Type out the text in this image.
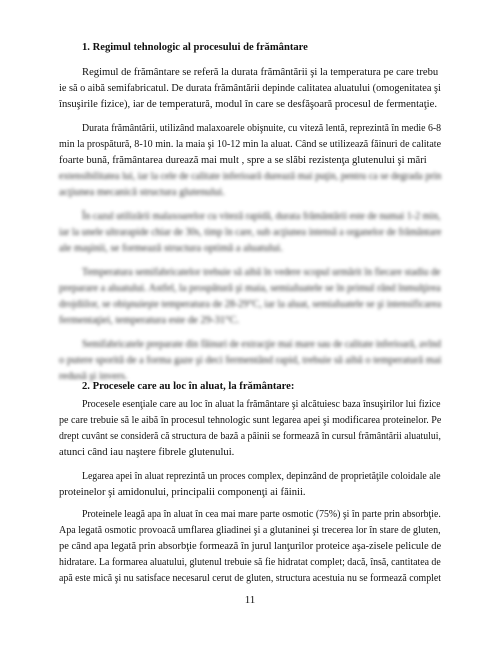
1. Regimul tehnologic al procesului de frământare
Regimul de frământare se referă la durata frământării şi la temperatura pe care trebu
ie să o aibă semifabricatul. De durata frământării depinde calitatea aluatului (omogenitatea şi
însuşirile fizice), iar de temperatură, modul în care se desfăşoară procesul de fermentaţie.
Durata frământării, utilizând malaxoarele obişnuite, cu viteză lentă, reprezintă în medie 6-8
min la prospătură, 8-10 min. la maia şi 10-12 min la aluat. Când se utilizează făinuri de calitate
foarte bună, frământarea durează mai mult , spre a se slăbi rezistenţa glutenului şi mări
extensibilitatea lui, iar la cele de calitate inferioară durează mai puţin, pentru ca se degrada prin
acţiunea mecanică structura glutenului.
În cazul utilizării malaxoarelor cu viteză rapidă, durata frământării este de numai 1-2 min,
iar la unele ultrarapide chiar de 30s, timp în care, sub acţiunea intensă a organelor de frământare
ale maşinii, se formează structura optimă a aluatului.
Temperatura semifabricatelor trebuie să aibă în vedere scopul urmărit în fiecare stadiu de
preparare a aluatului. Astfel, la prospătură şi maia, semiaIuatele se în primul rând înmulţirea
drojdiilor, se obişnuieşte temperatura de 28-29°C, iar la aluat, semiaIuatele se şi intensificarea
fermentaţiei, temperatura este de 29-31°C.
Semifabricatele preparate din făinuri de extracţie mai mare sau de calitate inferioară, avînd
o putere sporită de a forma gaze şi deci fermentând rapid, trebuie să aibă o temperatură mai
redusă şi invers.
2. Procesele care au loc în aluat, la frământare:
Procesele esenţiale care au loc în aluat la frământare şi alcătuiesc baza însuşirilor lui fizice
pe care trebuie să le aibă în procesul tehnologic sunt legarea apei şi modificarea proteinelor. Pe
drept cuvânt se consideră că structura de bază a pâinii se formează în cursul frământării aluatului,
atunci când iau naştere fibrele glutenului.
Legarea apei în aluat reprezintă un proces complex, depinzând de proprietăţile coloidale ale
proteinelor şi amidonului, principalii componenţi ai făinii.
Proteinele leagă apa în aluat în cea mai mare parte osmotic (75%) şi în parte prin absorbţie.
Apa legată osmotic provoacă umflarea gliadinei şi a glutaninei şi trecerea lor în stare de gluten,
pe când apa legată prin absorbţie formează în jurul lanţurilor proteice aşa-zisele pelicule de
hidratare. La formarea aluatului, glutenul trebuie să fie hidratat complet; dacă, însă, cantitatea de
apă este mică şi nu satisface necesarul cerut de gluten, structura acestuia nu se formează complet
11
